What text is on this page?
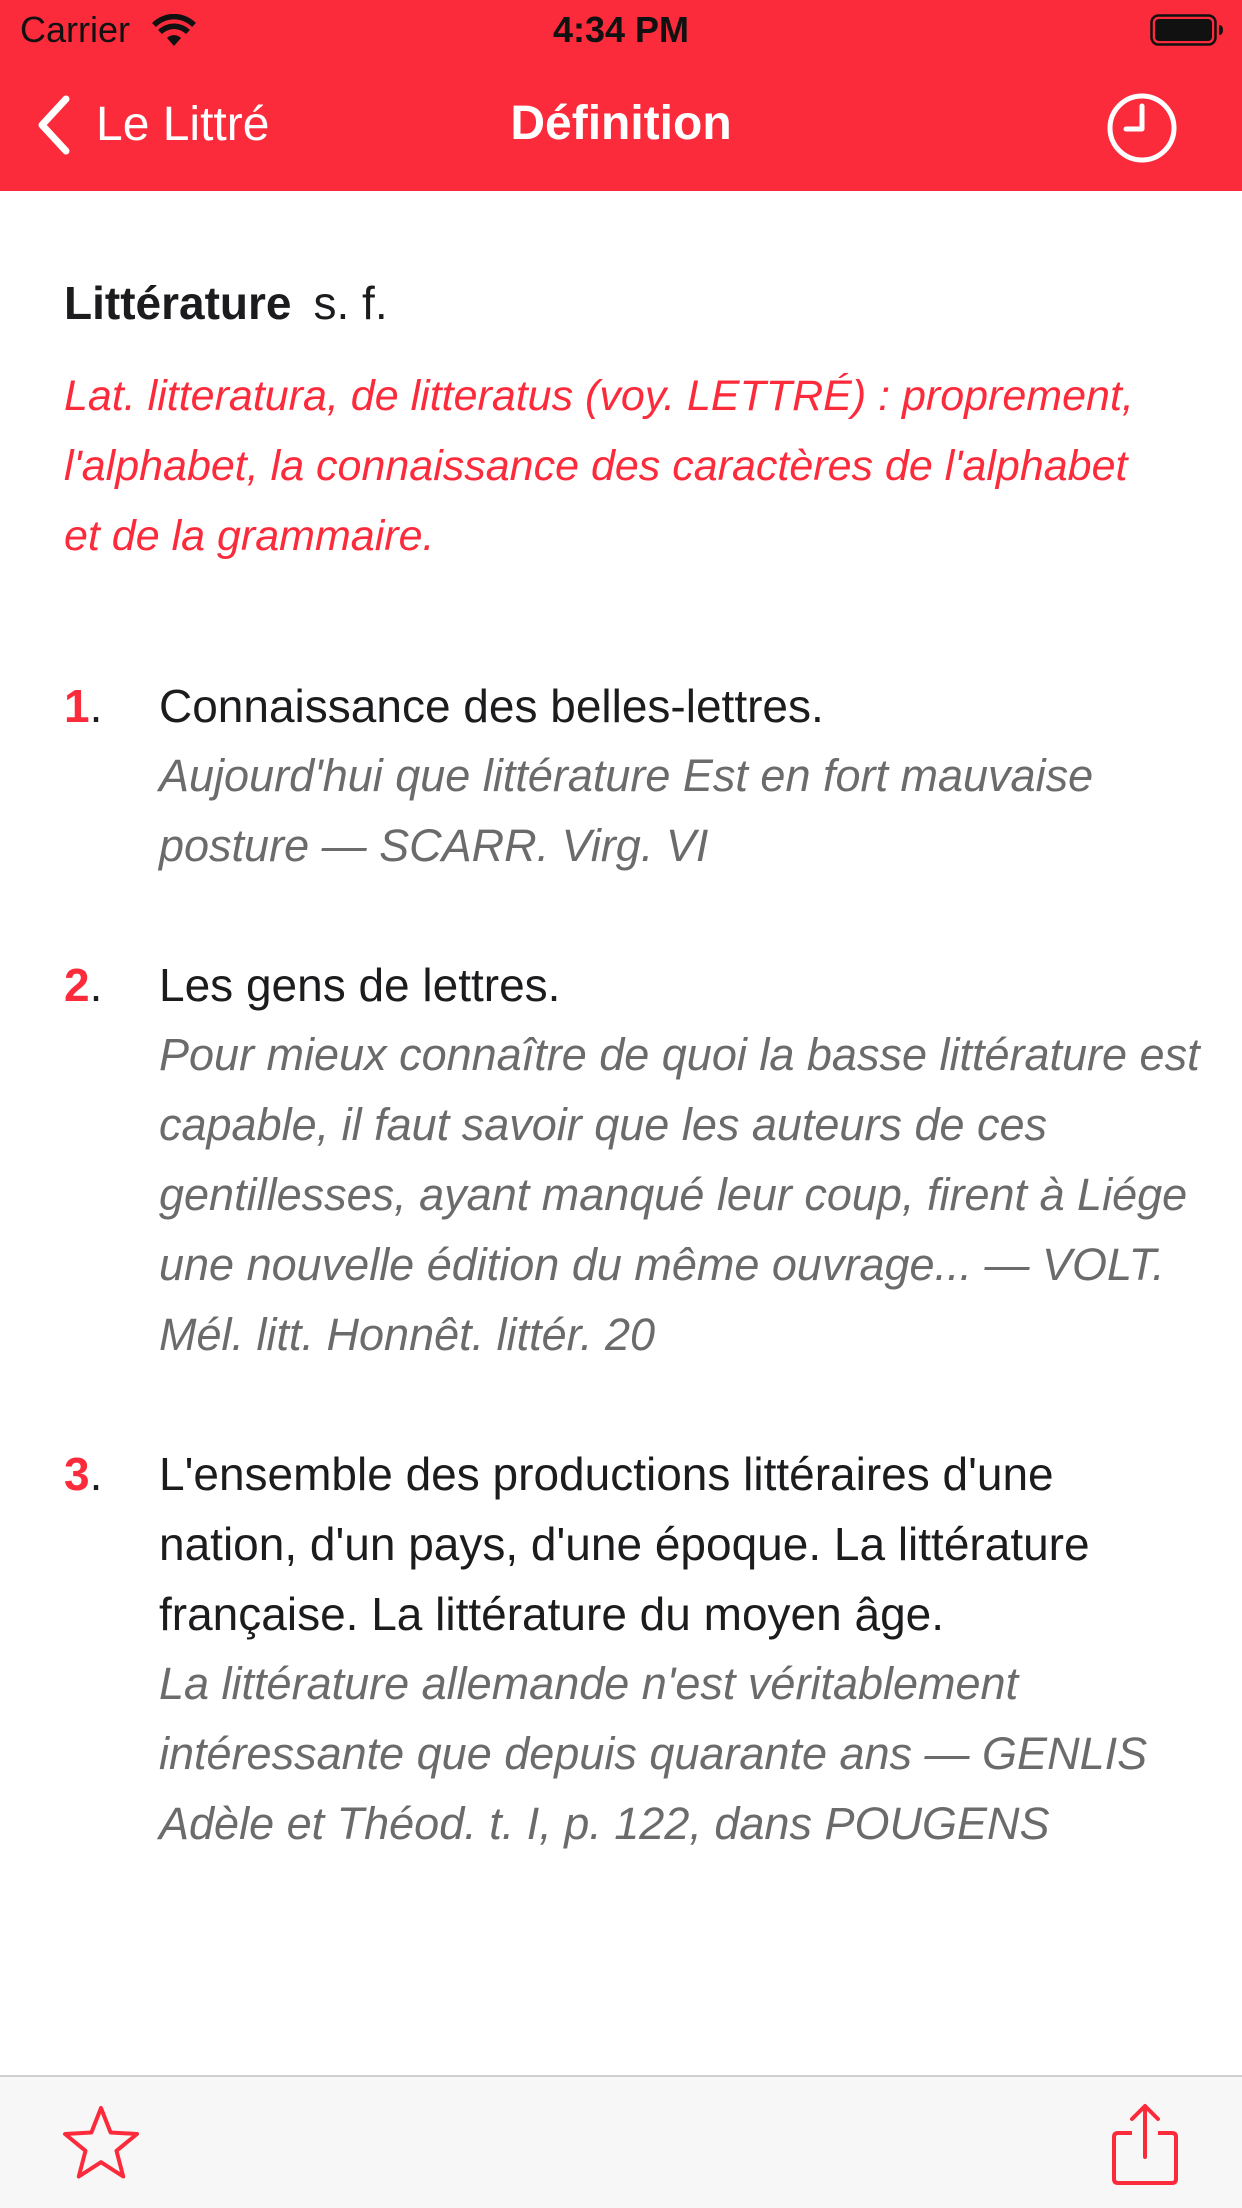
Carrier	4:34 PM
Le Littré	Définition
Littérature s. f.

Lat. litteratura, de litteratus (voy. LETTRÉ) : proprement, l'alphabet, la connaissance des caractères de l'alphabet et de la grammaire.

1. Connaissance des belles-lettres.

Aujourd'hui que littérature Est en fort mauvaise posture — SCARR. Virg. VI

2. Les gens de lettres.

Pour mieux connaître de quoi la basse littérature est capable, il faut savoir que les auteurs de ces gentillesses, ayant manqué leur coup, firent à Liége une nouvelle édition du même ouvrage... — VOLT. Mél. litt. Honnêt. littér. 20

3. L'ensemble des productions littéraires d'une nation, d'un pays, d'une époque. La littérature française. La littérature du moyen âge.

La littérature allemande n'est véritablement intéressante que depuis quarante ans — GENLIS Adèle et Théod. t. I, p. 122, dans POUGENS
